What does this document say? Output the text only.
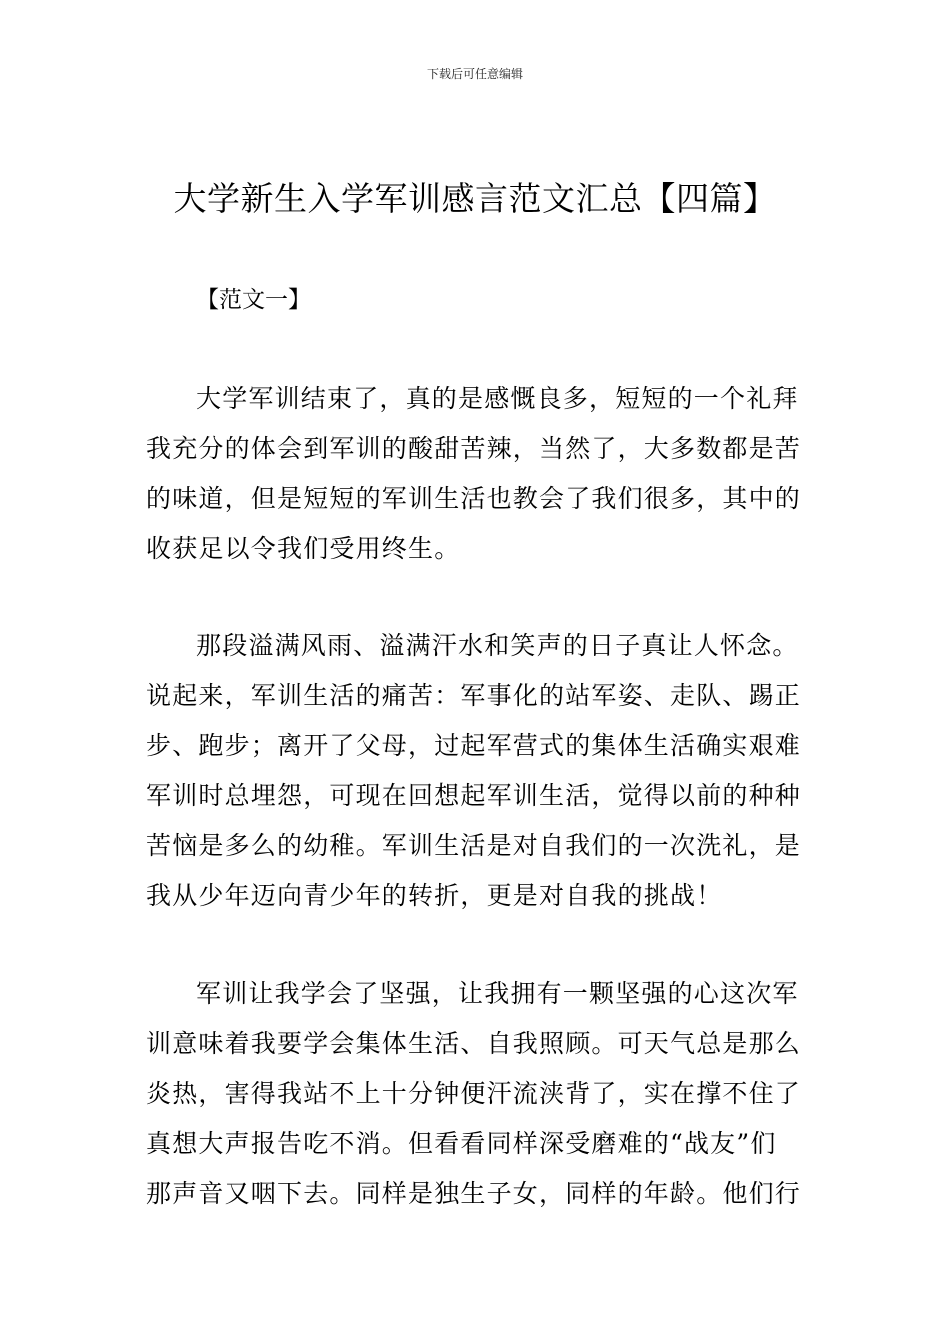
下载后可任意编辑
大学新生入学军训感言范文汇总【四篇】
【范文一】
大学军训结束了，真的是感慨良多，短短的一个礼拜
我充分的体会到军训的酸甜苦辣，当然了，大多数都是苦
的味道，但是短短的军训生活也教会了我们很多，其中的
收获足以令我们受用终生。
那段溢满风雨、溢满汗水和笑声的日子真让人怀念。
说起来，军训生活的痛苦：军事化的站军姿、走队、踢正
步、跑步；离开了父母，过起军营式的集体生活确实艰难
军训时总埋怨，可现在回想起军训生活，觉得以前的种种
苦恼是多么的幼稚。军训生活是对自我们的一次洗礼，是
我从少年迈向青少年的转折，更是对自我的挑战！
军训让我学会了坚强，让我拥有一颗坚强的心这次军
训意味着我要学会集体生活、自我照顾。可天气总是那么
炎热，害得我站不上十分钟便汗流浃背了，实在撑不住了
真想大声报告吃不消。但看看同样深受磨难的“战友”们
那声音又咽下去。同样是独生子女，同样的年龄。他们行
